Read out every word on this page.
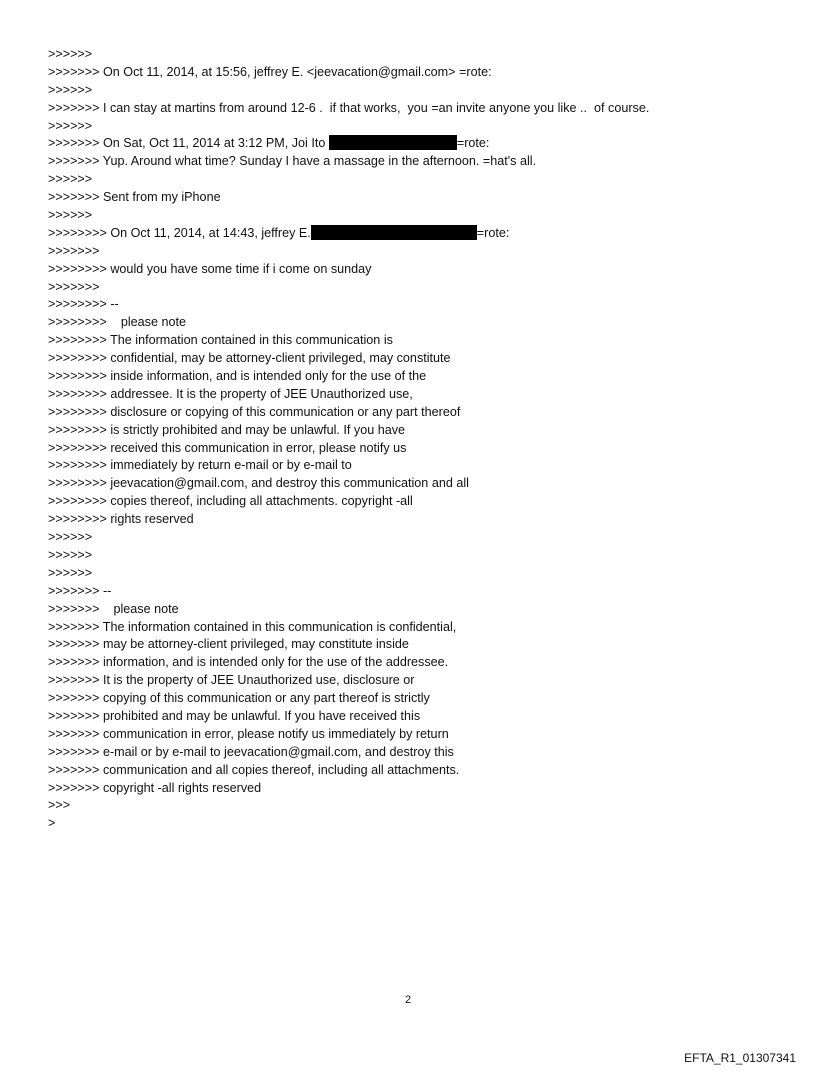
>>>>>>
>>>>>>> On Oct 11, 2014, at 15:56, jeffrey E. <jeevacation@gmail.com> =rote:
>>>>>>
>>>>>>> I can stay at martins from around 12-6 .  if that works,  you =an invite anyone you like ..  of course.
>>>>>>
>>>>>>> On Sat, Oct 11, 2014 at 3:12 PM, Joi Ito	=rote:
>>>>>>> Yup. Around what time? Sunday I have a massage in the afternoon. =hat's all.
>>>>>>
>>>>>>> Sent from my iPhone
>>>>>>
>>>>>>>> On Oct 11, 2014, at 14:43, jeffrey E.	=rote:
>>>>>>>
>>>>>>>> would you have some time if i come on sunday
>>>>>>>
>>>>>>>> --
>>>>>>>>    please note
>>>>>>>> The information contained in this communication is
>>>>>>>> confidential, may be attorney-client privileged, may constitute
>>>>>>>> inside information, and is intended only for the use of the
>>>>>>>> addressee. It is the property of JEE Unauthorized use,
>>>>>>>> disclosure or copying of this communication or any part thereof
>>>>>>>> is strictly prohibited and may be unlawful. If you have
>>>>>>>> received this communication in error, please notify us
>>>>>>>> immediately by return e-mail or by e-mail to
>>>>>>>> jeevacation@gmail.com, and destroy this communication and all
>>>>>>>> copies thereof, including all attachments. copyright -all
>>>>>>>> rights reserved
>>>>>>
>>>>>>
>>>>>>
>>>>>>> --
>>>>>>>    please note
>>>>>>> The information contained in this communication is confidential,
>>>>>>> may be attorney-client privileged, may constitute inside
>>>>>>> information, and is intended only for the use of the addressee.
>>>>>>> It is the property of JEE Unauthorized use, disclosure or
>>>>>>> copying of this communication or any part thereof is strictly
>>>>>>> prohibited and may be unlawful. If you have received this
>>>>>>> communication in error, please notify us immediately by return
>>>>>>> e-mail or by e-mail to jeevacation@gmail.com, and destroy this
>>>>>>> communication and all copies thereof, including all attachments.
>>>>>>> copyright -all rights reserved
>>>
>
2
EFTA_R1_01307341
